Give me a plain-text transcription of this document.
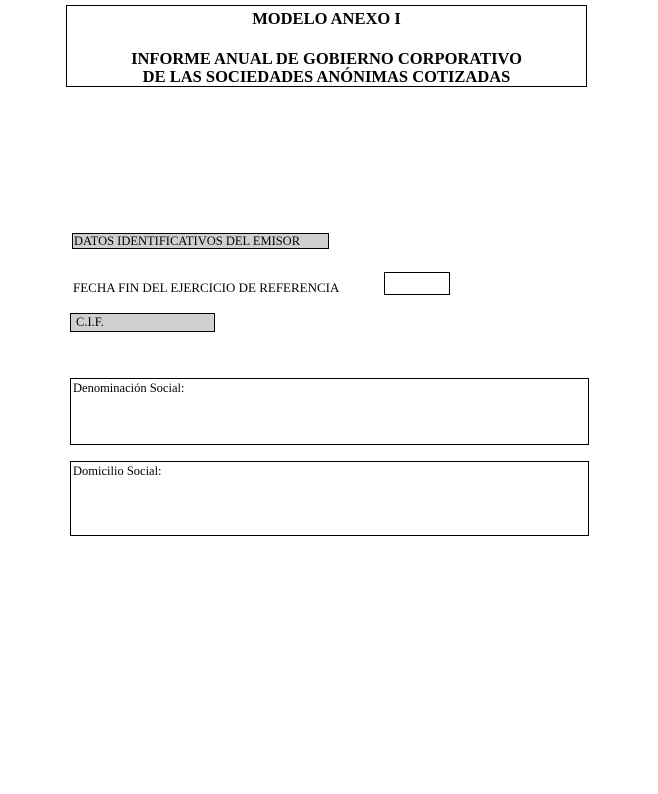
MODELO ANEXO I
INFORME ANUAL DE GOBIERNO CORPORATIVO
DE LAS SOCIEDADES ANÓNIMAS COTIZADAS
DATOS IDENTIFICATIVOS DEL EMISOR
FECHA FIN DEL EJERCICIO DE REFERENCIA
C.I.F.
Denominación Social:
Domicilio Social:
